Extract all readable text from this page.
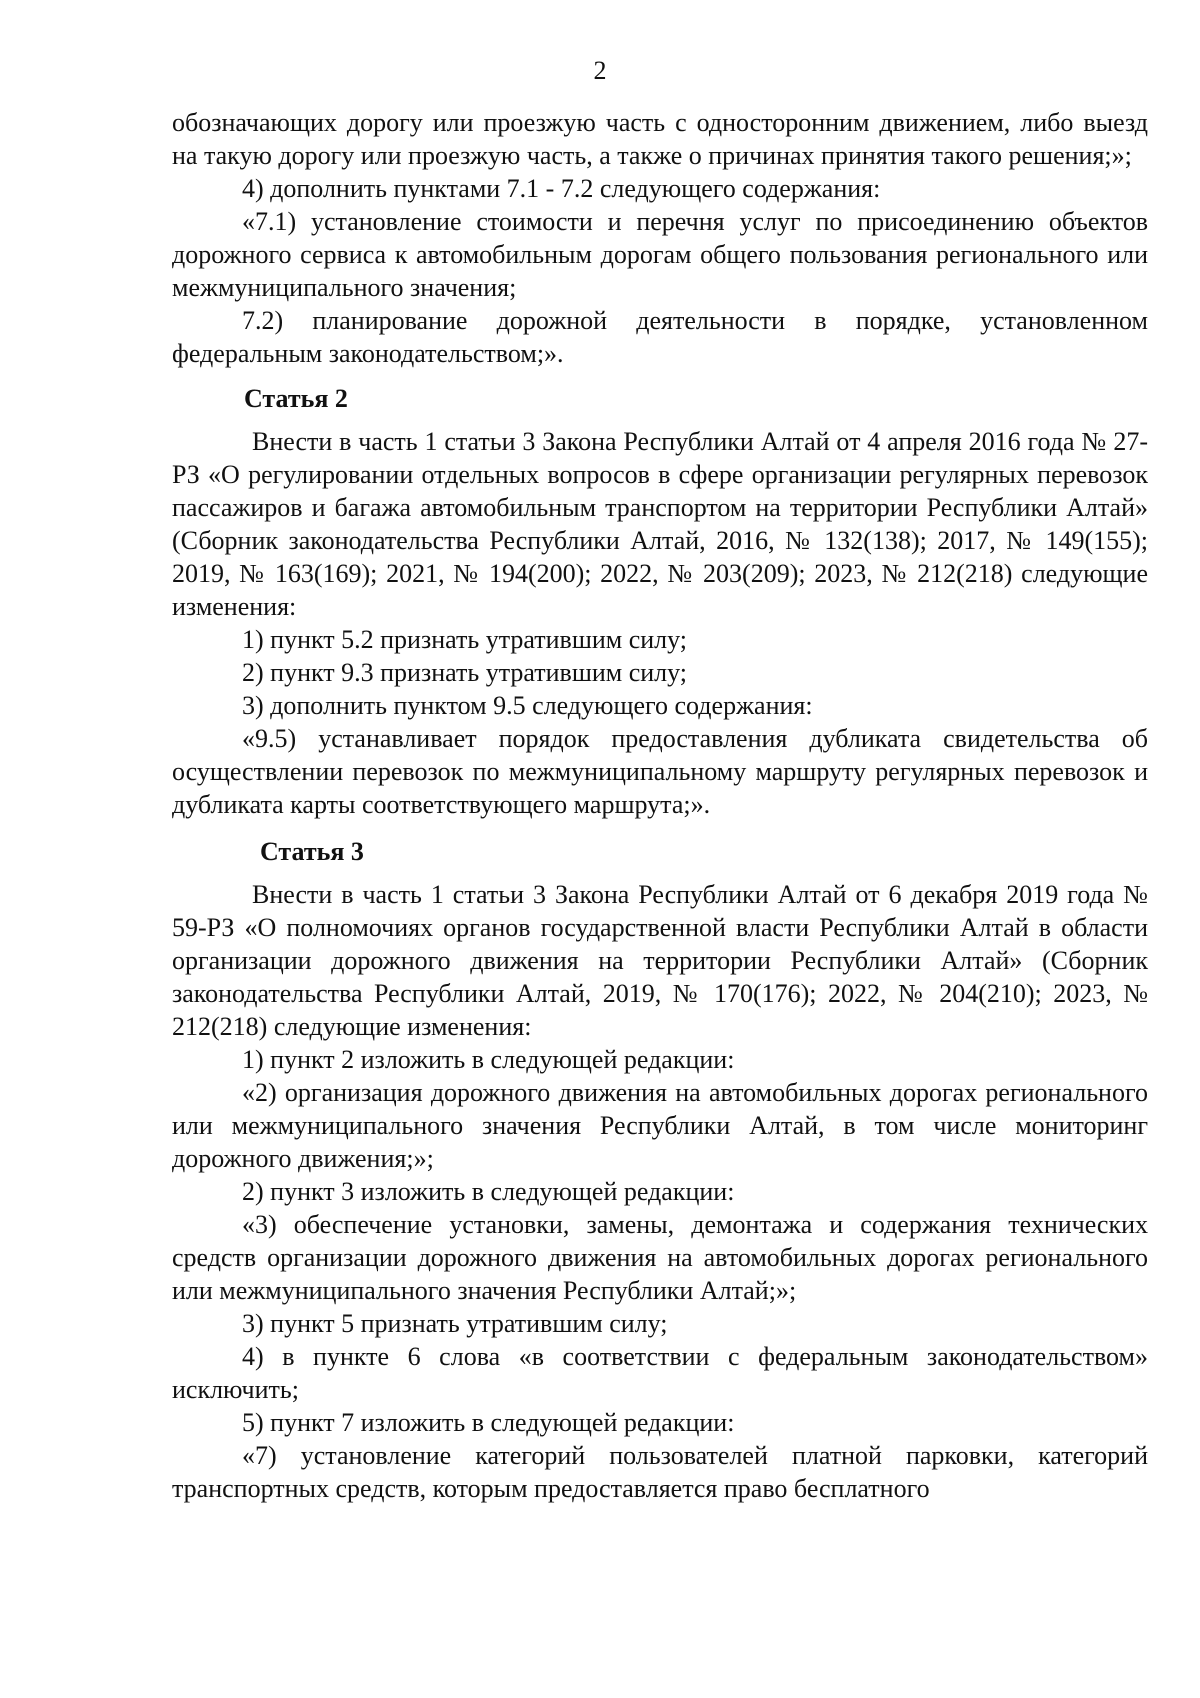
2

обозначающих дорогу или проезжую часть с односторонним движением, либо выезд на такую дорогу или проезжую часть, а также о причинах принятия такого решения;»;

4) дополнить пунктами 7.1 - 7.2 следующего содержания:

«7.1) установление стоимости и перечня услуг по присоединению объектов дорожного сервиса к автомобильным дорогам общего пользования регионального или межмуниципального значения;

7.2) планирование дорожной деятельности в порядке, установленном федеральным законодательством;».

Статья 2

Внести в часть 1 статьи 3 Закона Республики Алтай от 4 апреля 2016 года № 27-РЗ «О регулировании отдельных вопросов в сфере организации регулярных перевозок пассажиров и багажа автомобильным транспортом на территории Республики Алтай» (Сборник законодательства Республики Алтай, 2016, № 132(138); 2017, № 149(155); 2019, № 163(169); 2021, № 194(200); 2022, № 203(209); 2023, № 212(218) следующие изменения:

1) пункт 5.2 признать утратившим силу;

2) пункт 9.3 признать утратившим силу;

3) дополнить пунктом 9.5 следующего содержания:

«9.5) устанавливает порядок предоставления дубликата свидетельства об осуществлении перевозок по межмуниципальному маршруту регулярных перевозок и дубликата карты соответствующего маршрута;».

Статья 3

Внести в часть 1 статьи 3 Закона Республики Алтай от 6 декабря 2019 года № 59-РЗ «О полномочиях органов государственной власти Республики Алтай в области организации дорожного движения на территории Республики Алтай» (Сборник законодательства Республики Алтай, 2019, № 170(176); 2022, № 204(210); 2023, № 212(218) следующие изменения:

1) пункт 2 изложить в следующей редакции:

«2) организация дорожного движения на автомобильных дорогах регионального или межмуниципального значения Республики Алтай, в том числе мониторинг дорожного движения;»;

2) пункт 3 изложить в следующей редакции:

«3) обеспечение установки, замены, демонтажа и содержания технических средств организации дорожного движения на автомобильных дорогах регионального или межмуниципального значения Республики Алтай;»;

3) пункт 5 признать утратившим силу;

4) в пункте 6 слова «в соответствии с федеральным законодательством» исключить;

5) пункт 7 изложить в следующей редакции:

«7) установление категорий пользователей платной парковки, категорий транспортных средств, которым предоставляется право бесплатного
